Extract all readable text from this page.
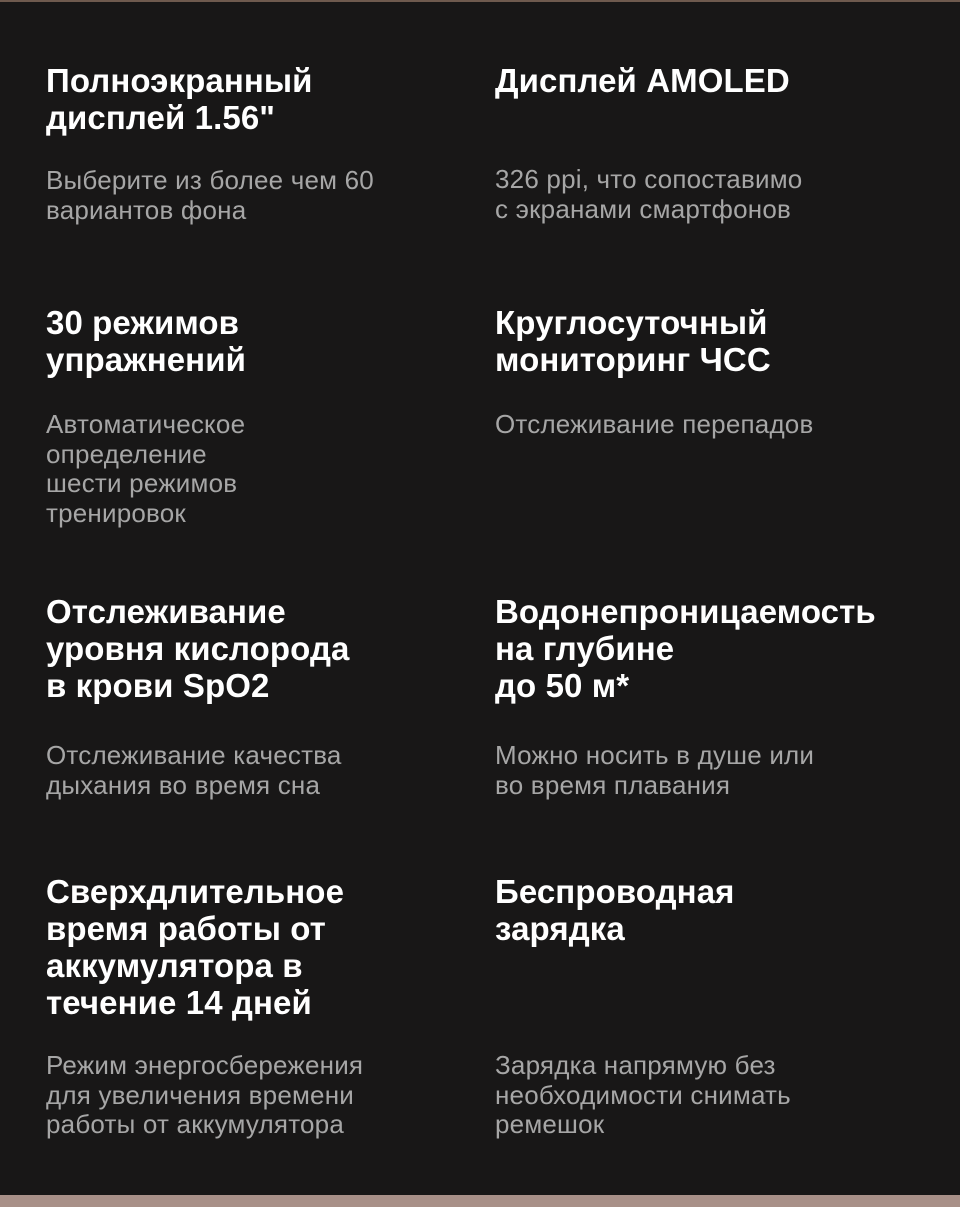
Полноэкранный
дисплей 1.56"

Выберите из более чем 60
вариантов фона

Дисплей AMOLED

326 ppi, что сопоставимо
с экранами смартфонов

30 режимов
упражнений

Автоматическое
определение
шести режимов
тренировок

Круглосуточный
мониторинг ЧСС

Отслеживание перепадов

Отслеживание
уровня кислорода
в крови SpO2

Отслеживание качества
дыхания во время сна

Водонепроницаемость
на глубине
до 50 м*

Можно носить в душе или
во время плавания

Сверхдлительное
время работы от
аккумулятора в
течение 14 дней

Режим энергосбережения
для увеличения времени
работы от аккумулятора

Беспроводная
зарядка

Зарядка напрямую без
необходимости снимать
ремешок
